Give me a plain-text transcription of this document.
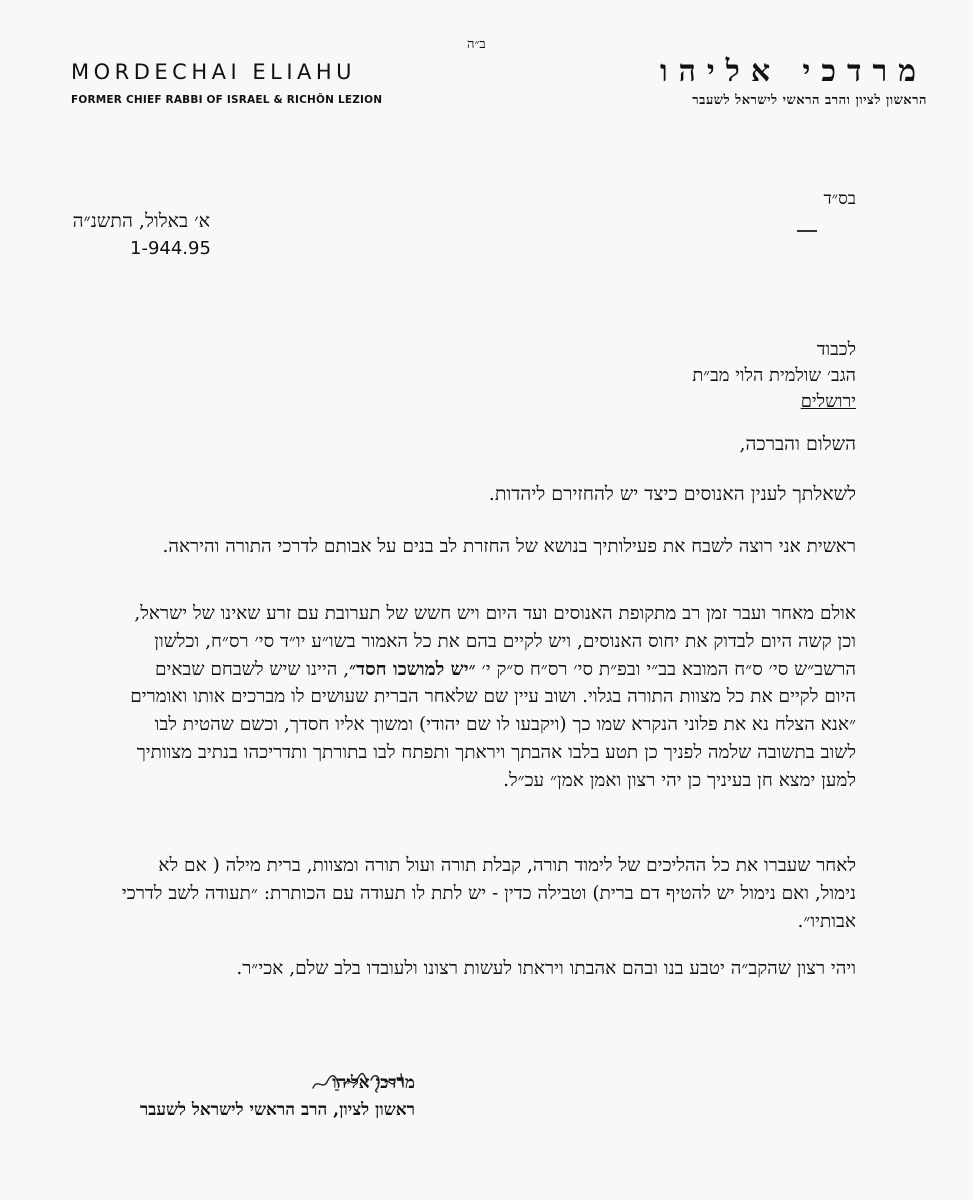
ב״ה
MORDECHAI ELIAHU
FORMER CHIEF RABBI OF ISRAEL & RICHÔN LEZION
מרדכי אליהו
הראשון לציון והרב הראשי לישראל לשעבר
בס״ד
א׳ באלול, התשנ״ה
1-944.95
לכבוד
הגב׳ שולמית הלוי מב״ת
ירושלים
השלום והברכה,
לשאלתך לענין האנוסים כיצד יש להחזירם ליהדות.
ראשית אני רוצה לשבח את פעילותיך בנושא של החזרת לב בנים על אבותם לדרכי התורה והיראה.
אולם מאחר ועבר זמן רב מתקופת האנוסים ועד היום ויש חשש של תערובת עם זרע שאינו של ישראל, וכן קשה היום לבדוק את יחוס האנוסים, ויש לקיים בהם את כל האמור בשו״ע יו״ד סי׳ רס״ח, וכלשון הרשב״ש סי׳ ס״ח המובא בב״י ובפ״ת סי׳ רס״ח ס״ק י׳ ״יש למושכו חסד״, היינו שיש לשבחם שבאים היום לקיים את כל מצוות התורה בגלוי. ושוב עיין שם שלאחר הברית שעושים לו מברכים אותו ואומרים ״אנא הצלח נא את פלוני הנקרא שמו כך (ויקבעו לו שם יהודי) ומשוך אליו חסדך, וכשם שהטית לבו לשוב בתשובה שלמה לפניך כן תטע בלבו אהבתך ויראתך ותפתח לבו בתורתך ותדריכהו בנתיב מצוותיך למען ימצא חן בעיניך כן יהי רצון ואמן אמן״ עכ״ל.
לאחר שעברו את כל ההליכים של לימוד תורה, קבלת תורה ועול תורה ומצוות, ברית מילה ( אם לא נימול, ואם נימול יש להטיף דם ברית) וטבילה כדין - יש לתת לו תעודה עם הכותרת: ״תעודה לשב לדרכי אבותיו״.
ויהי רצון שהקב״ה יטבע בנו ובהם אהבתו ויראתו לעשות רצונו ולעובדו בלב שלם, אכי״ר.
מרדכי אליהו
ראשון לציון, הרב הראשי לישראל לשעבר
